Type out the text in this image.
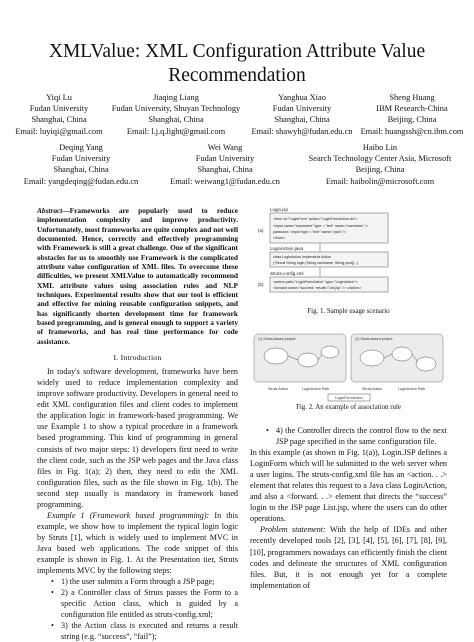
XMLValue: XML Configuration Attribute Value Recommendation
Yiqi Lu
Fudan University
Shanghai, China
Email: luyiqi@gmail.com
Jiaqing Liang
Fudan University, Shuyan Technology
Shanghai, China
Email: l.j.q.light@gmail.com
Yanghua Xiao
Fudan University
Shanghai, China
Email: shawyh@fudan.edu.cn
Sheng Huang
IBM Research-China
Beijing, China
Email: huangssh@cn.ibm.com
Deqing Yang
Fudan University
Shanghai, China
Email: yangdeqing@fudan.edu.cn
Wei Wang
Fudan University
Shanghai, China
Email: weiwang1@fudan.edu.cn
Haibo Lin
Search Technology Center Asia, Microsoft
Beijing, China
Email: haibolin@microsoft.com

Abstract—Frameworks are popularly used to reduce implementation complexity and improve productivity. Unfortunately, most frameworks are quite complex and not well documented. Hence, correctly and effectively programming with Framework is still a great challenge. One of the significant obstacles for us to smoothly use Framework is the complicated attribute value configuration of XML files. To overcome these difficulties, we present XMLValue to automatically recommend XML attribute values using association rules and NLP techniques. Experimental results show that our tool is efficient and effective for mining reusable configuration snippets, and has significantly shorten development time for framework based programming, and is general enough to support a variety of frameworks, and has real time performance for code assistance.

I. Introduction

In today's software development, frameworks have been widely used to reduce implementation complexity and improve software productivity. Developers in general need to edit XML configuration files and client codes to implement the application logic in framework-based programming. We use Example 1 to show a typical procedure in a framework based programming. This kind of programming in general consists of two major steps: 1) developers first need to write the client code, such as the JSP web pages and the Java class files in Fig. 1(a); 2) then, they need to edit the XML configuration files, such as the file shown in Fig. 1(b). The second step usually is mandatory in framework based programming.

Example 1 (Framework based programming): In this example, we show how to implement the typical login logic by Struts [1], which is widely used to implement MVC in Java based web applications. The code snippet of this example is shown in Fig. 1. At the Presentation tier, Struts implements MVC by the following steps:

• 1) the user submits a Form through a JSP page;
• 2) a Controller class of Struts passes the Form to a specific Action class, which is guided by a configuration file entitled as struts-config.xml;
• 3) the Action class is executed and returns a result string (e.g. “success”, “fail”);
Login.jsp
<form id="LoginForm" action="LoginFormAction.do">
<input name="username" type = "text" name="username" />
password: <input type = "text" name="pwd" />
</form>
(a)
LoginAction.java
class LoginAction implements Action
{ Result String login (String username, String pwd){...}
Struts-config.xml
<action path="LoginFormAction" type="LoginAction">
<forward name="success" resultt="List.jsp" /> </action>
(b)
Fig. 1. Sample usage scenario
(1) Struts-based project	(2) Struts-based project
Struts Action	LoginAction Path	Struts Action	LoginAction Path
LoginFormAction
Fig. 2. An example of association rule
• 4) the Controller directs the control flow to the next JSP page specified in the same configuration file.

In this example (as shown in Fig. 1(a)), Login.JSP defines a LoginForm which will be submitted to the web server when a user logins. The struts-config.xml file has an <action. . .> element that relates this request to a Java class LoginAction, and also a <forward. . .> element that directs the “success” login to the JSP page List.jsp, where the users can do other operations.

Problem statement: With the help of IDEs and other recently developed tools [2], [3], [4], [5], [6], [7], [8], [9], [10], programmers nowadays can efficiently finish the client codes and delineate the structures of XML configuration files. But, it is not enough yet for a complete implementation of
